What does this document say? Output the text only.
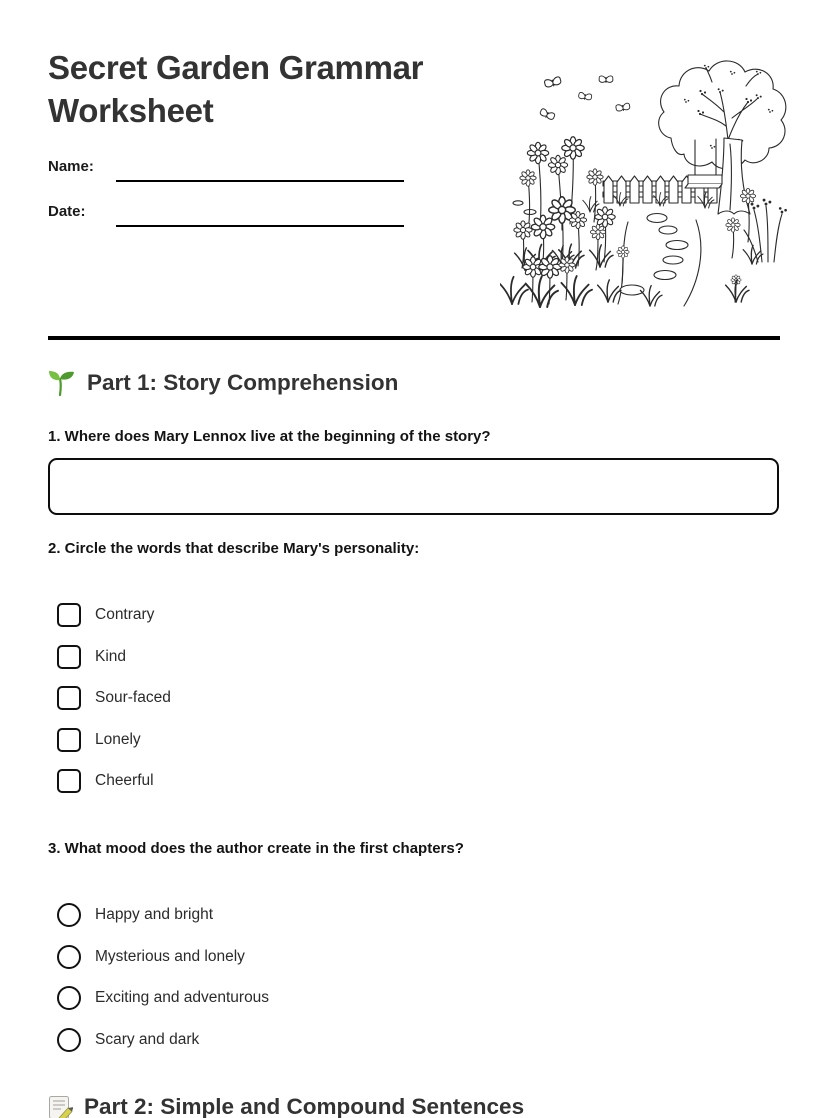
Secret Garden Grammar Worksheet
Name:
Date:
Part 1: Story Comprehension
1. Where does Mary Lennox live at the beginning of the story?
2. Circle the words that describe Mary's personality:
Contrary
Kind
Sour-faced
Lonely
Cheerful
3. What mood does the author create in the first chapters?
Happy and bright
Mysterious and lonely
Exciting and adventurous
Scary and dark
Part 2: Simple and Compound Sentences
